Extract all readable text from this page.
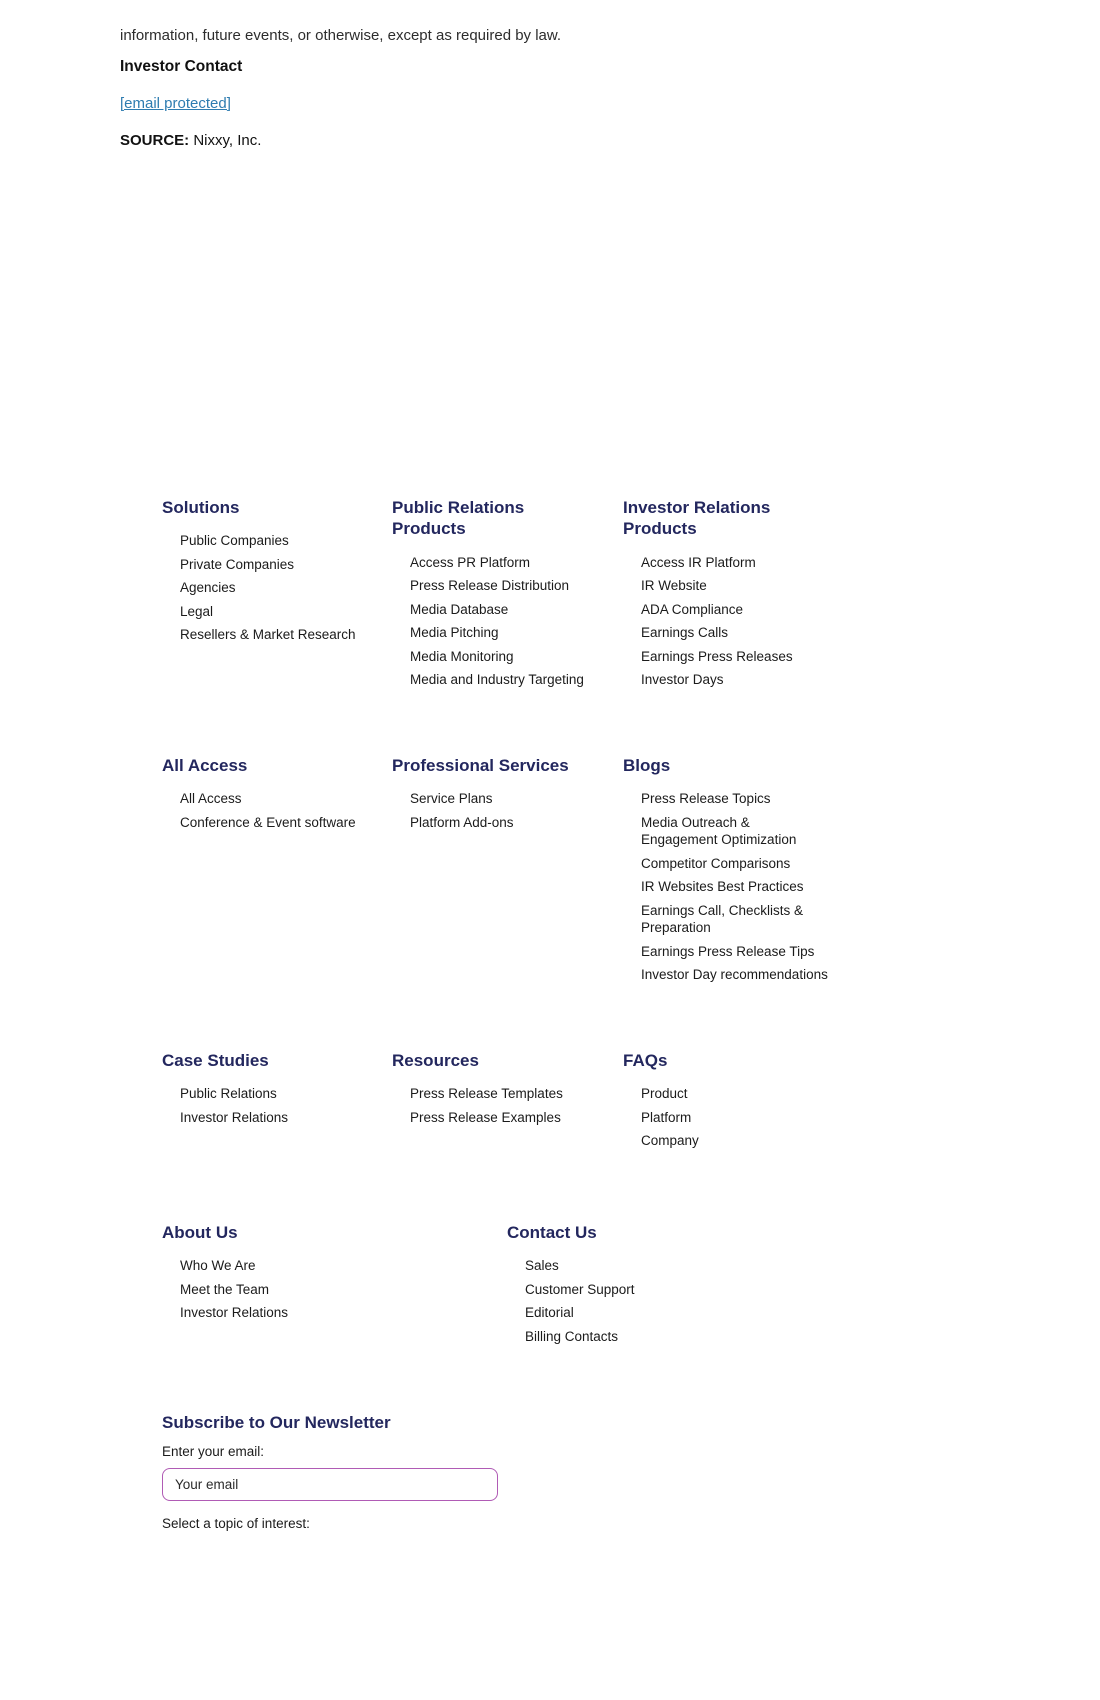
information, future events, or otherwise, except as required by law.

Investor Contact
[email protected]

SOURCE: Nixxy, Inc.

Solutions
Public Companies
Private Companies
Agencies
Legal
Resellers & Market Research
Public Relations Products
Access PR Platform
Press Release Distribution
Media Database
Media Pitching
Media Monitoring
Media and Industry Targeting
Investor Relations Products
Access IR Platform
IR Website
ADA Compliance
Earnings Calls
Earnings Press Releases
Investor Days
All Access
All Access
Conference & Event software
Professional Services
Service Plans
Platform Add-ons
Blogs
Press Release Topics
Media Outreach & Engagement Optimization
Competitor Comparisons
IR Websites Best Practices
Earnings Call, Checklists & Preparation
Earnings Press Release Tips
Investor Day recommendations
Case Studies
Public Relations
Investor Relations
Resources
Press Release Templates
Press Release Examples
FAQs
Product
Platform
Company
About Us
Who We Are
Meet the Team
Investor Relations
Contact Us
Sales
Customer Support
Editorial
Billing Contacts
Subscribe to Our Newsletter
Enter your email:
Your email
Select a topic of interest:
